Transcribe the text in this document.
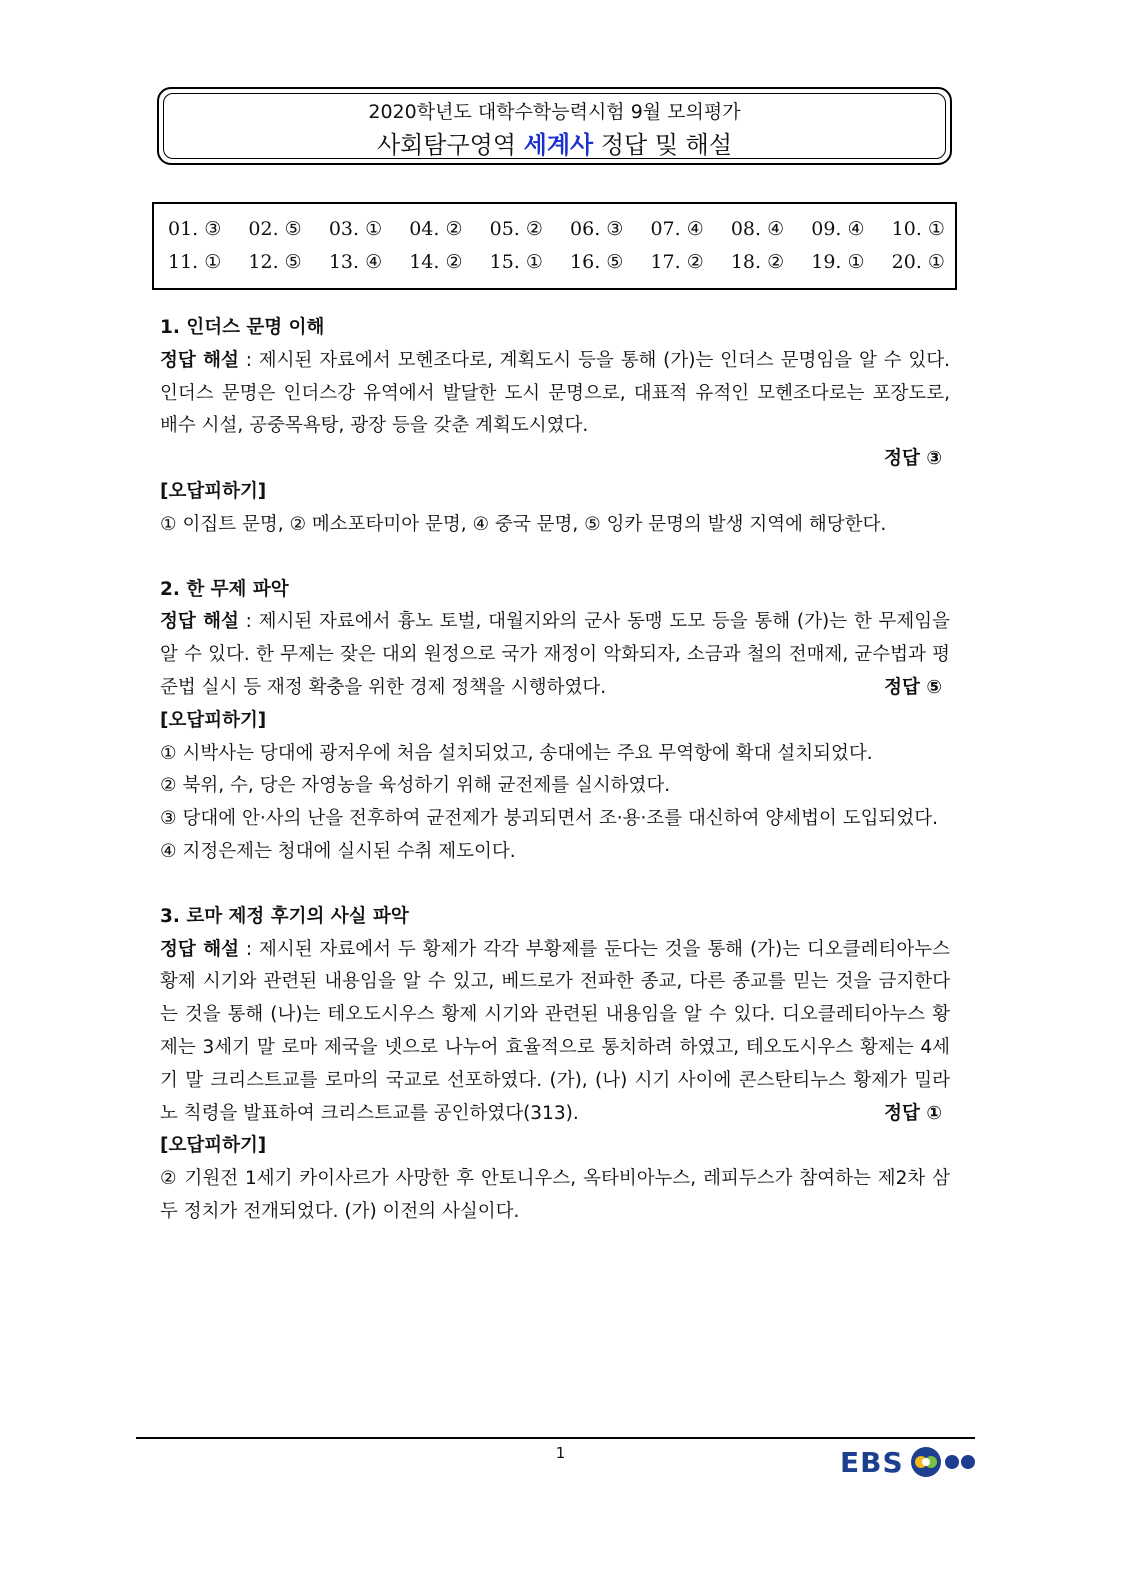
2020학년도 대학수학능력시험 9월 모의평가
사회탐구영역 세계사 정답 및 해설
01. ③ 02. ⑤ 03. ① 04. ② 05. ② 06. ③ 07. ④ 08. ④ 09. ④ 10. ①
11. ① 12. ⑤ 13. ④ 14. ② 15. ① 16. ⑤ 17. ② 18. ② 19. ① 20. ①
1. 인더스 문명 이해
정답 해설 : 제시된 자료에서 모헨조다로, 계획도시 등을 통해 (가)는 인더스 문명임을 알 수 있다. 인더스 문명은 인더스강 유역에서 발달한 도시 문명으로, 대표적 유적인 모헨조다로는 포장도로, 배수 시설, 공중목욕탕, 광장 등을 갖춘 계획도시였다.
정답 ③
[오답피하기]
① 이집트 문명, ② 메소포타미아 문명, ④ 중국 문명, ⑤ 잉카 문명의 발생 지역에 해당한다.
2. 한 무제 파악
정답 해설 : 제시된 자료에서 흉노 토벌, 대월지와의 군사 동맹 도모 등을 통해 (가)는 한 무제임을 알 수 있다. 한 무제는 잦은 대외 원정으로 국가 재정이 악화되자, 소금과 철의 전매제, 균수법과 평준법 실시 등 재정 확충을 위한 경제 정책을 시행하였다.	정답 ⑤
[오답피하기]
① 시박사는 당대에 광저우에 처음 설치되었고, 송대에는 주요 무역항에 확대 설치되었다.
② 북위, 수, 당은 자영농을 육성하기 위해 균전제를 실시하였다.
③ 당대에 안·사의 난을 전후하여 균전제가 붕괴되면서 조·용·조를 대신하여 양세법이 도입되었다.
④ 지정은제는 청대에 실시된 수취 제도이다.
3. 로마 제정 후기의 사실 파악
정답 해설 : 제시된 자료에서 두 황제가 각각 부황제를 둔다는 것을 통해 (가)는 디오클레티아누스 황제 시기와 관련된 내용임을 알 수 있고, 베드로가 전파한 종교, 다른 종교를 믿는 것을 금지한다는 것을 통해 (나)는 테오도시우스 황제 시기와 관련된 내용임을 알 수 있다. 디오클레티아누스 황제는 3세기 말 로마 제국을 넷으로 나누어 효율적으로 통치하려 하였고, 테오도시우스 황제는 4세기 말 크리스트교를 로마의 국교로 선포하였다. (가), (나) 시기 사이에 콘스탄티누스 황제가 밀라노 칙령을 발표하여 크리스트교를 공인하였다(313).	정답 ①
[오답피하기]
② 기원전 1세기 카이사르가 사망한 후 안토니우스, 옥타비아누스, 레피두스가 참여하는 제2차 삼두 정치가 전개되었다. (가) 이전의 사실이다.
1	EBS
